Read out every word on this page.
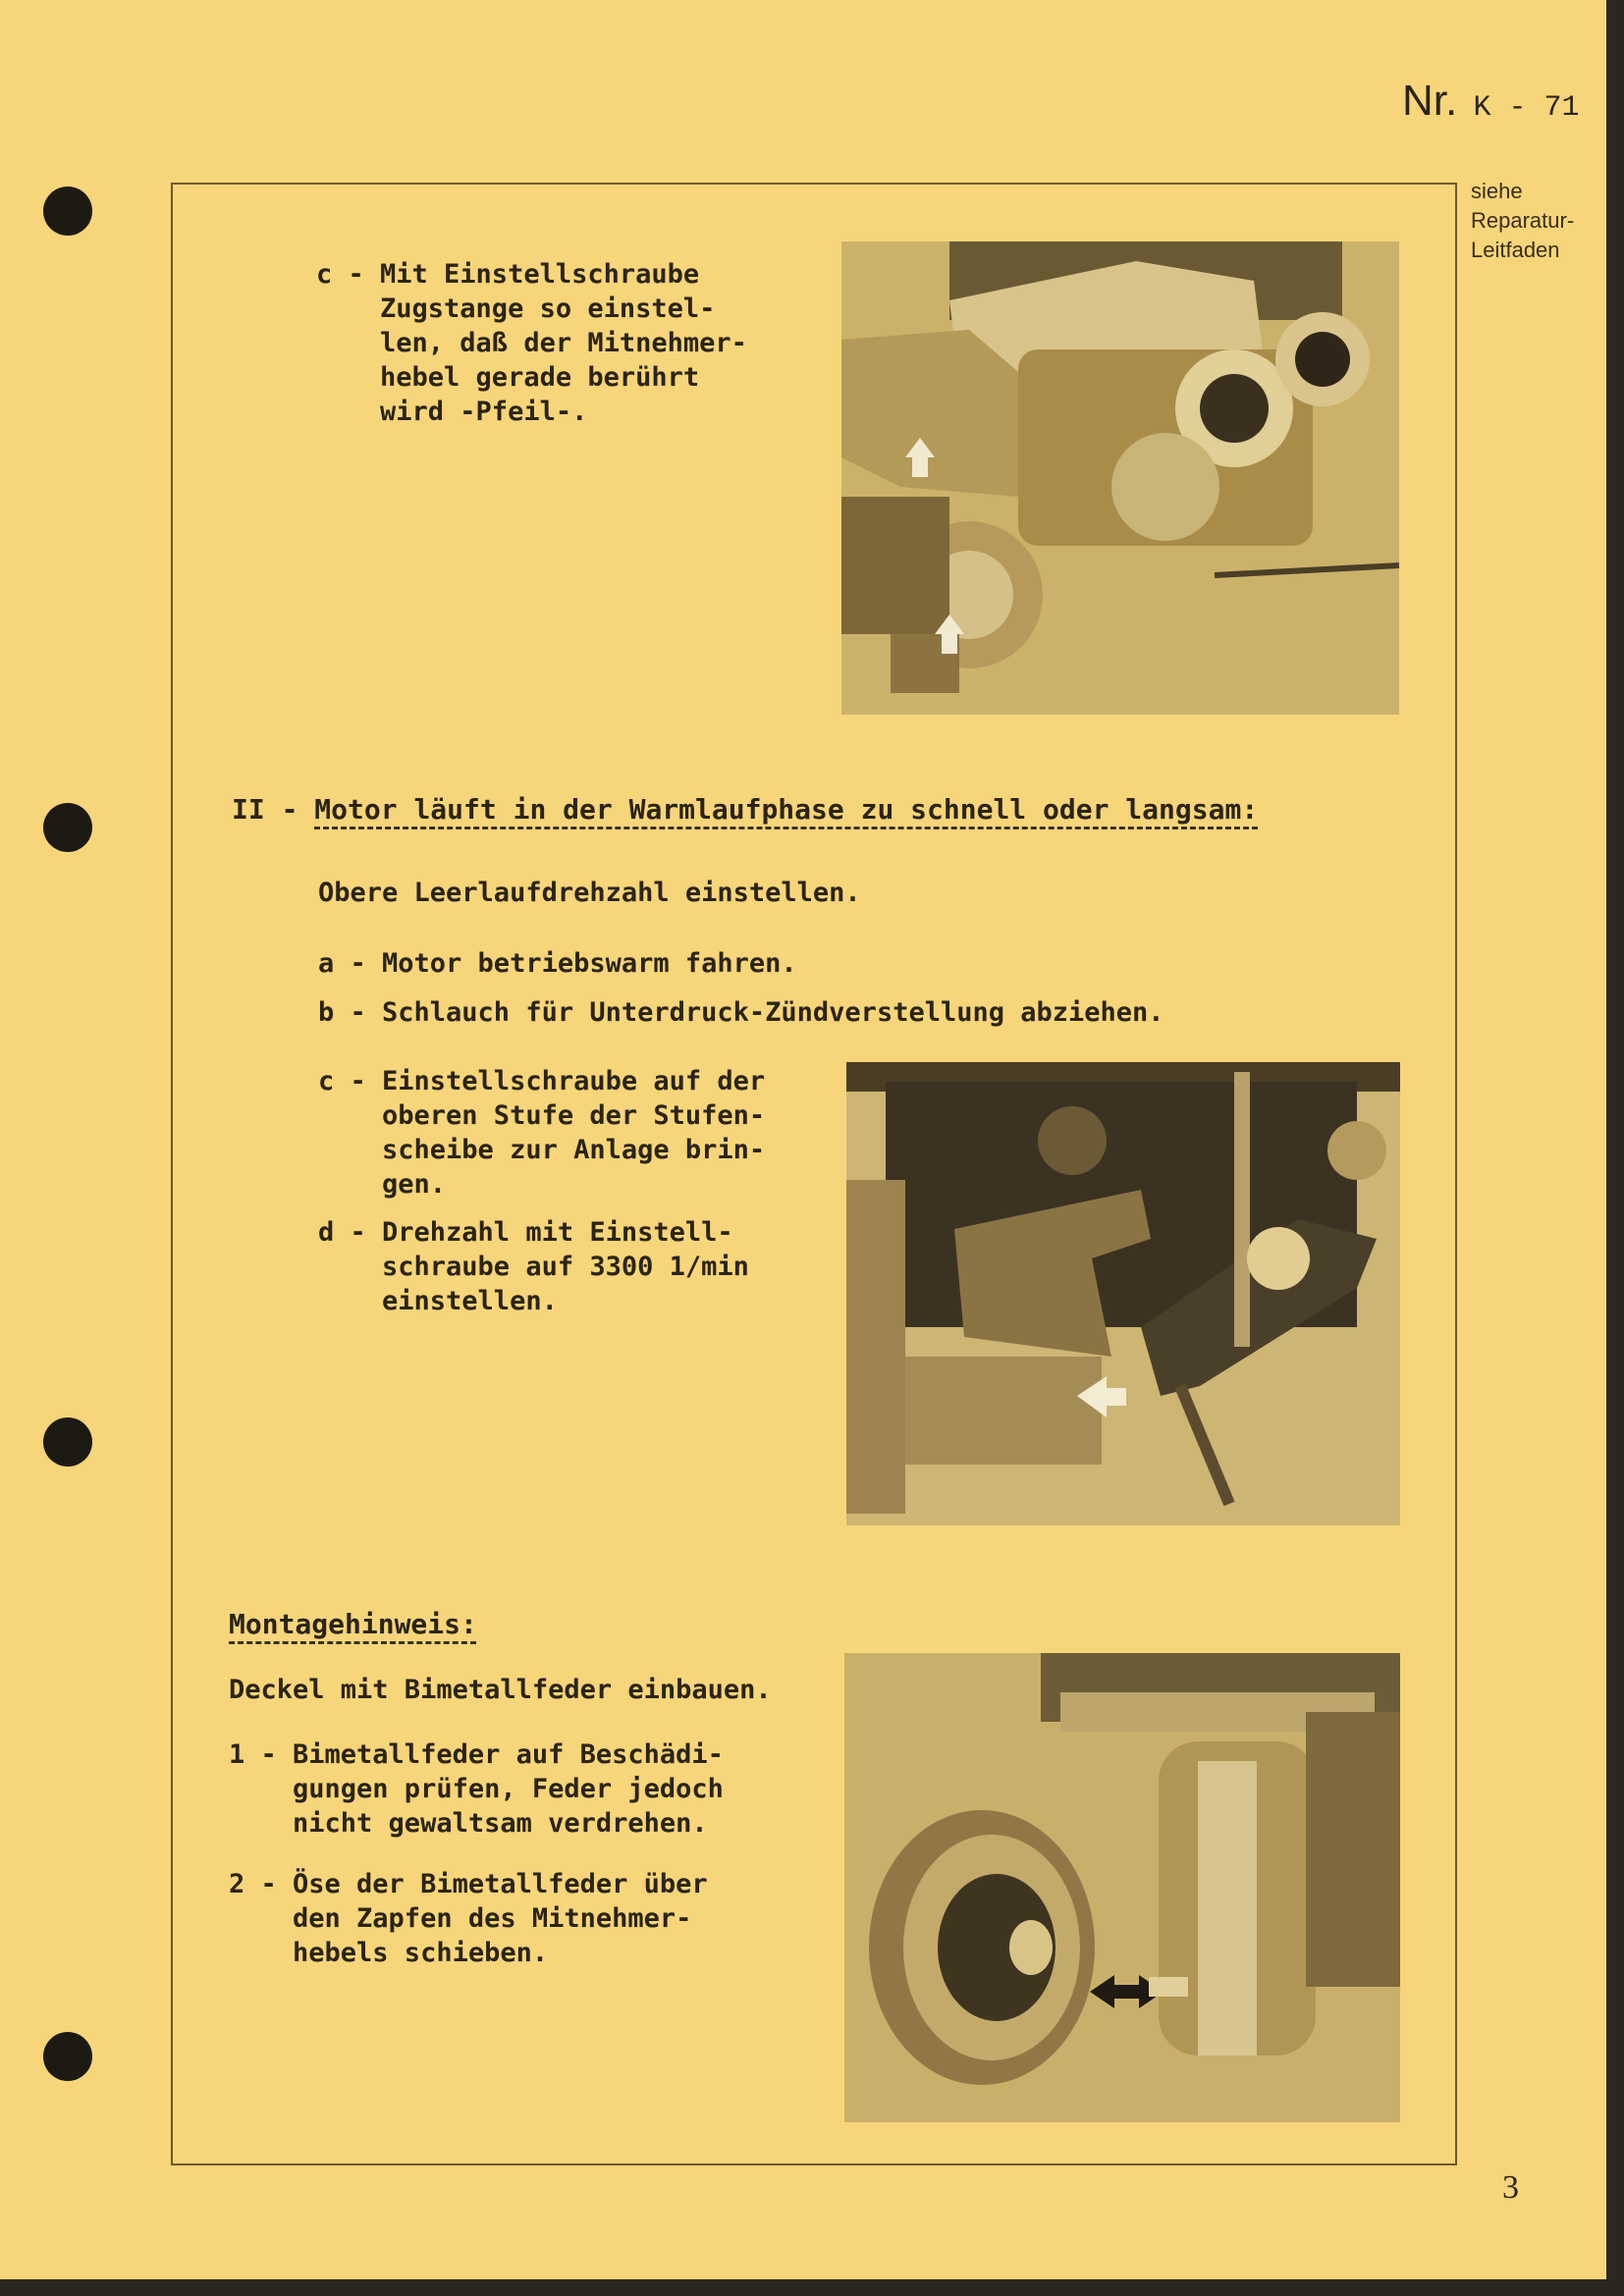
Nr. K - 71
siehe
Reparatur-
Leitfaden
c - Mit Einstellschraube
Zugstange so einstel-
len, daß der Mitnehmer-
hebel gerade berührt
wird -Pfeil-.
II - Motor läuft in der Warmlaufphase zu schnell oder langsam:
Obere Leerlaufdrehzahl einstellen.
a - Motor betriebswarm fahren.
b - Schlauch für Unterdruck-Zündverstellung abziehen.
c - Einstellschraube auf der
oberen Stufe der Stufen-
scheibe zur Anlage brin-
gen.
d - Drehzahl mit Einstell-
schraube auf 3300 1/min
einstellen.
Montagehinweis:
Deckel mit Bimetallfeder einbauen.
1 - Bimetallfeder auf Beschädi-
gungen prüfen, Feder jedoch
nicht gewaltsam verdrehen.
2 - Öse der Bimetallfeder über
den Zapfen des Mitnehmer-
hebels schieben.
3
